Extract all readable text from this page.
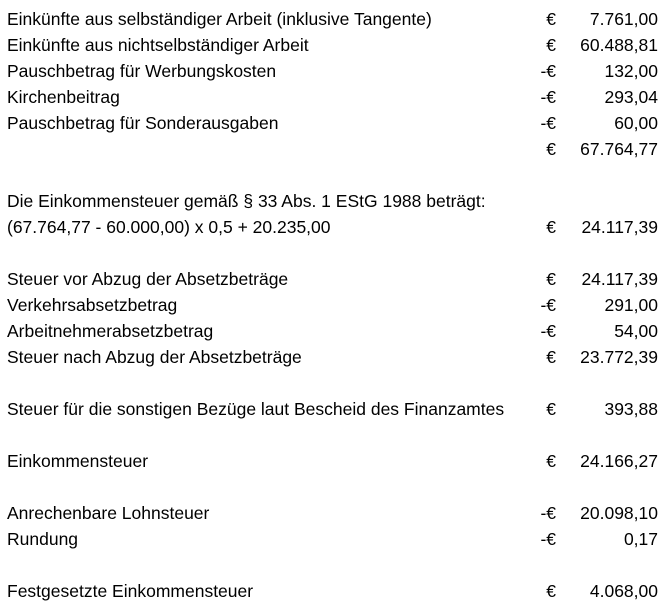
Einkünfte aus selbständiger Arbeit (inklusive Tangente)	€ 7.761,00
Einkünfte aus nichtselbständiger Arbeit	€ 60.488,81
Pauschbetrag für Werbungskosten	-€	132,00
Kirchenbeitrag	-€	293,04
Pauschbetrag für Sonderausgaben	-€	60,00
€ 67.764,77
Die Einkommensteuer gemäß § 33 Abs. 1 EStG 1988 beträgt:
(67.764,77 - 60.000,00) x 0,5 + 20.235,00	€ 24.117,39
Steuer vor Abzug der Absetzbeträge	€ 24.117,39
Verkehrsabsetzbetrag	-€	291,00
Arbeitnehmerabsetzbetrag	-€	54,00
Steuer nach Abzug der Absetzbeträge	€ 23.772,39
Steuer für die sonstigen Bezüge laut Bescheid des Finanzamtes €	393,88
Einkommensteuer	€ 24.166,27
Anrechenbare Lohnsteuer	-€ 20.098,10
Rundung	-€	0,17
Festgesetzte Einkommensteuer	€ 4.068,00
